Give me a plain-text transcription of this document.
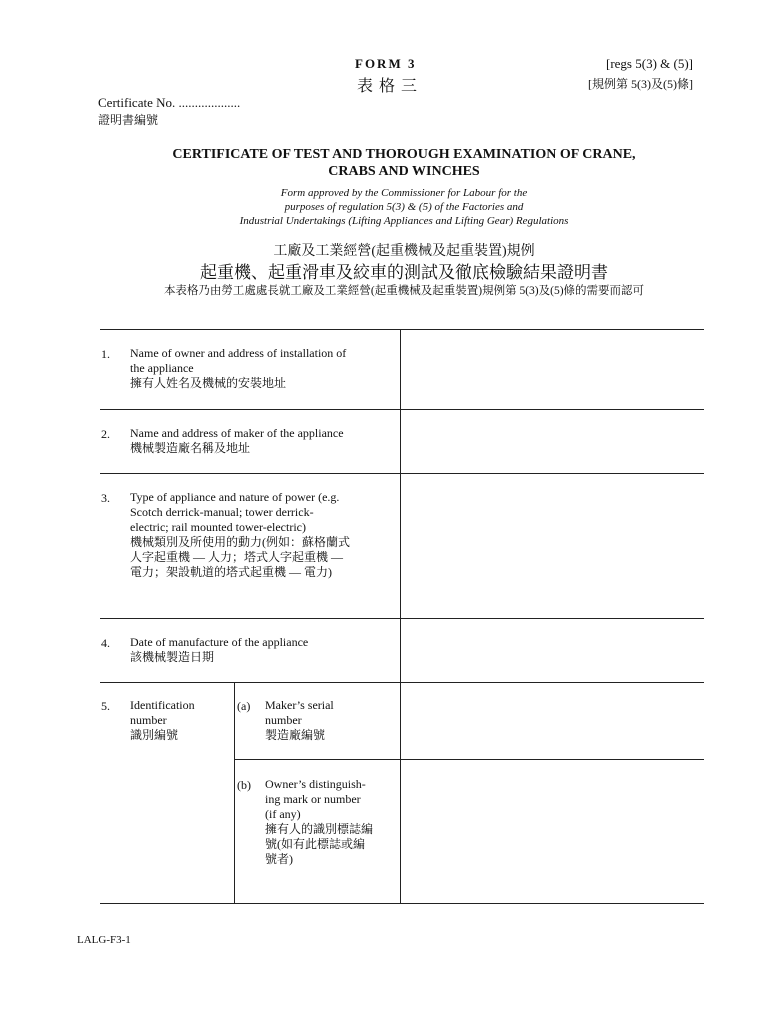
FORM 3
表格三
[regs 5(3) & (5)]
[規例第 5(3)及(5)條]
Certificate No. ...................
證明書編號
CERTIFICATE OF TEST AND THOROUGH EXAMINATION OF CRANE,
CRABS AND WINCHES
Form approved by the Commissioner for Labour for the
purposes of regulation 5(3) & (5) of the Factories and
Industrial Undertakings (Lifting Appliances and Lifting Gear) Regulations
工廠及工業經營(起重機械及起重裝置)規例
起重機、起重滑車及絞車的測試及徹底檢驗結果證明書
本表格乃由勞工處處長就工廠及工業經營(起重機械及起重裝置)規例第 5(3)及(5)條的需要而認可
1. Name of owner and address of installation of
the appliance
擁有人姓名及機械的安裝地址
2. Name and address of maker of the appliance
機械製造廠名稱及地址
3. Type of appliance and nature of power (e.g.
Scotch derrick-manual; tower derrick-
electric; rail mounted tower-electric)
機械類別及所使用的動力(例如：蘇格蘭式
人字起重機 — 人力；塔式人字起重機 —
電力；架設軌道的塔式起重機 — 電力)
4. Date of manufacture of the appliance
該機械製造日期
5. Identification
number
識別編號
(a) Maker’s serial
number
製造廠編號
(b) Owner’s distinguish-
ing mark or number
(if any)
擁有人的識別標誌編
號(如有此標誌或編
號者)
LALG-F3-1
